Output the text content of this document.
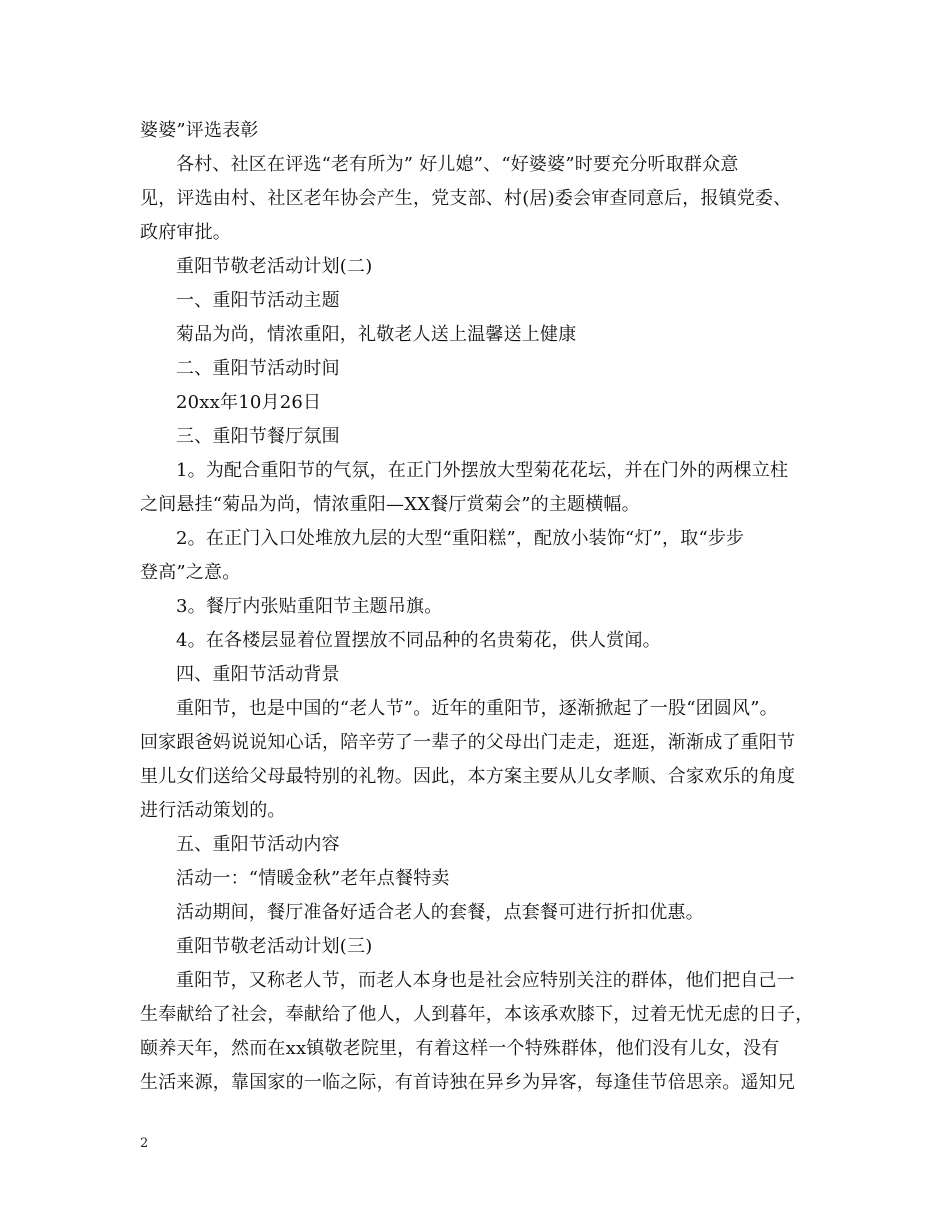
婆婆”评选表彰
各村、社区在评选“老有所为” 好儿媳”、“好婆婆”时要充分听取群众意
见，评选由村、社区老年协会产生，党支部、村(居)委会审查同意后，报镇党委、
政府审批。
重阳节敬老活动计划(二)
一、重阳节活动主题
菊品为尚，情浓重阳，礼敬老人送上温馨送上健康
二、重阳节活动时间
20xx年10月26日
三、重阳节餐厅氛围
1。为配合重阳节的气氛，在正门外摆放大型菊花花坛，并在门外的两棵立柱
之间悬挂“菊品为尚，情浓重阳—XX餐厅赏菊会”的主题横幅。
2。在正门入口处堆放九层的大型“重阳糕”，配放小装饰“灯”，取“步步
登高”之意。
3。餐厅内张贴重阳节主题吊旗。
4。在各楼层显着位置摆放不同品种的名贵菊花，供人赏闻。
四、重阳节活动背景
重阳节，也是中国的“老人节”。近年的重阳节，逐渐掀起了一股“团圆风”。
回家跟爸妈说说知心话，陪辛劳了一辈子的父母出门走走，逛逛，渐渐成了重阳节
里儿女们送给父母最特别的礼物。因此，本方案主要从儿女孝顺、合家欢乐的角度
进行活动策划的。
五、重阳节活动内容
活动一：“情暖金秋”老年点餐特卖
活动期间，餐厅准备好适合老人的套餐，点套餐可进行折扣优惠。
重阳节敬老活动计划(三)
重阳节，又称老人节，而老人本身也是社会应特别关注的群体，他们把自己一
生奉献给了社会，奉献给了他人，人到暮年，本该承欢膝下，过着无忧无虑的日子，
颐养天年，然而在xx镇敬老院里，有着这样一个特殊群体，他们没有儿女，没有
生活来源，靠国家的一临之际，有首诗独在异乡为异客，每逢佳节倍思亲。遥知兄
2
